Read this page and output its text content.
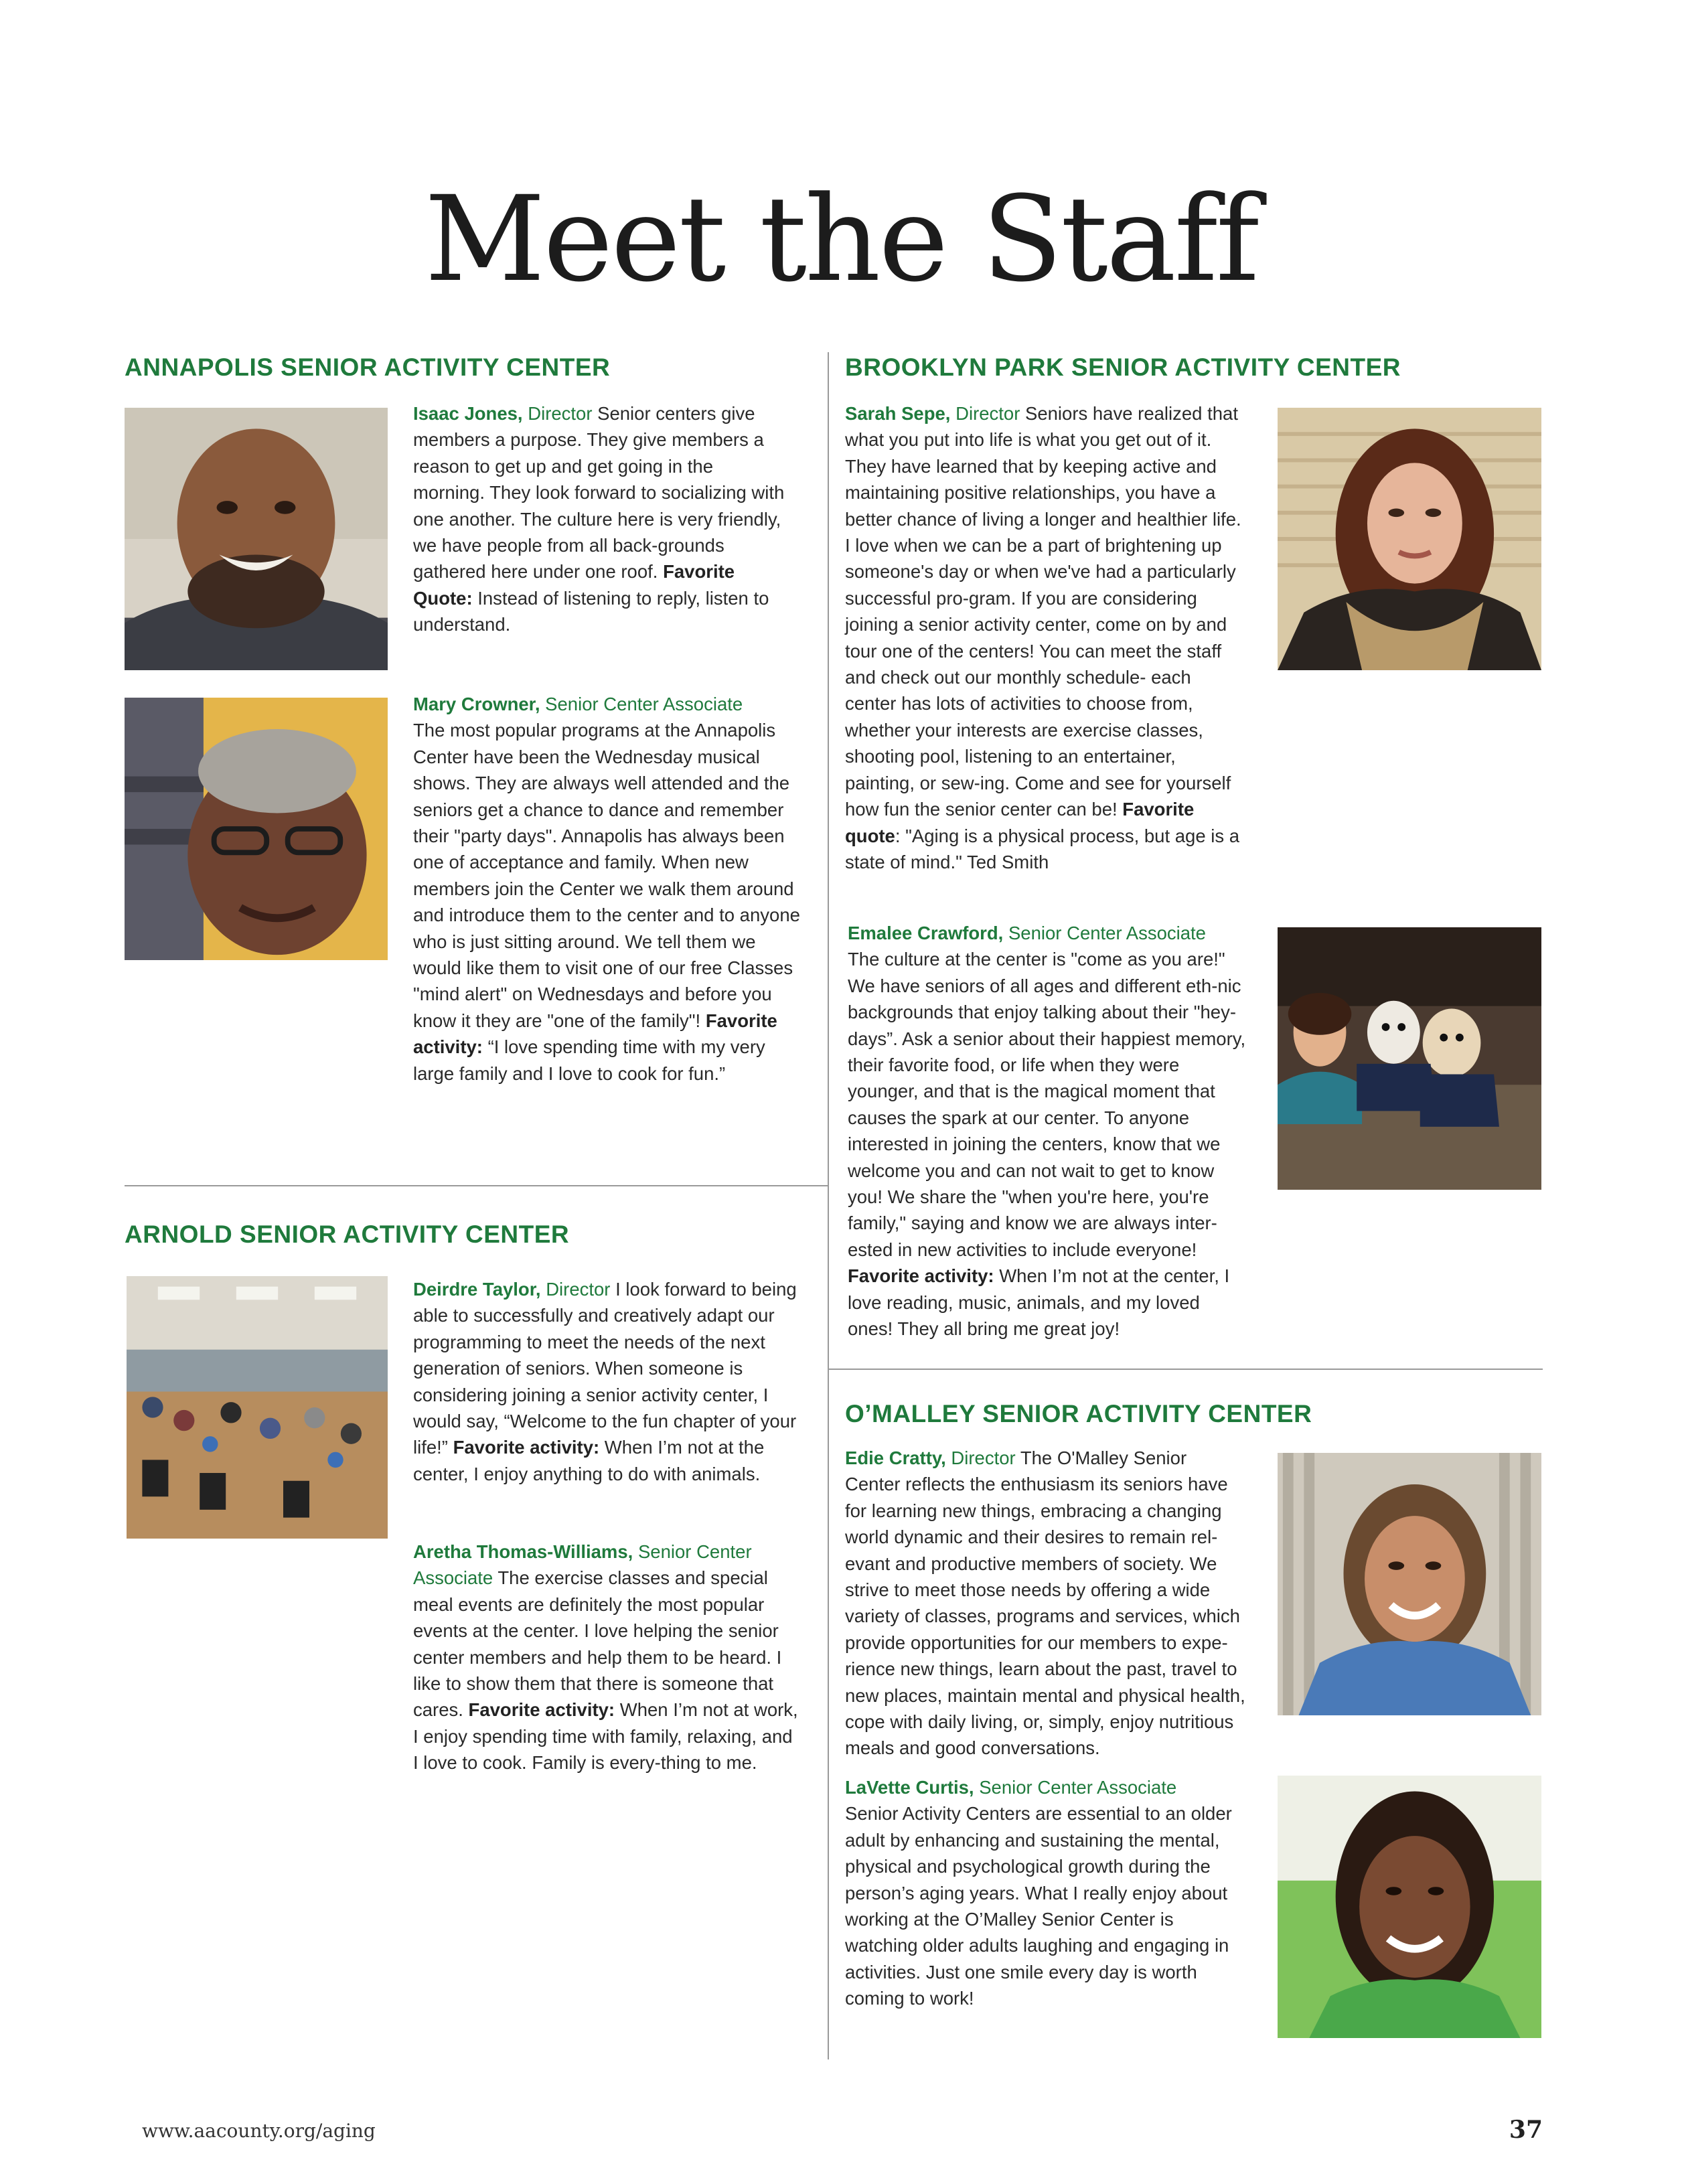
Meet the Staff
ANNAPOLIS SENIOR ACTIVITY CENTER

Isaac Jones, Director Senior centers give members a purpose. They give members a reason to get up and get going in the morning. They look forward to socializing with one another. The culture here is very friendly, we have people from all back-grounds gathered here under one roof. Favorite Quote: Instead of listening to reply, listen to understand.

Mary Crowner, Senior Center Associate
The most popular programs at the Annapolis Center have been the Wednesday musical shows. They are always well attended and the seniors get a chance to dance and remember their "party days". Annapolis has always been one of acceptance and family. When new members join the Center we walk them around and introduce them to the center and to anyone who is just sitting around. We tell them we would like them to visit one of our free Classes "mind alert" on Wednesdays and before you know it they are "one of the family"! Favorite activity: “I love spending time with my very large family and I love to cook for fun.”

ARNOLD SENIOR ACTIVITY CENTER

Deirdre Taylor, Director I look forward to being able to successfully and creatively adapt our programming to meet the needs of the next generation of seniors. When someone is considering joining a senior activity center, I would say, “Welcome to the fun chapter of your life!” Favorite activity: When I’m not at the center, I enjoy anything to do with animals.

Aretha Thomas-Williams, Senior Center Associate The exercise classes and special meal events are definitely the most popular events at the center. I love helping the senior center members and help them to be heard. I like to show them that there is someone that cares. Favorite activity: When I’m not at work, I enjoy spending time with family, relaxing, and I love to cook. Family is every-thing to me.

BROOKLYN PARK SENIOR ACTIVITY CENTER

Sarah Sepe, Director Seniors have realized that what you put into life is what you get out of it. They have learned that by keeping active and maintaining positive relationships, you have a better chance of living a longer and healthier life. I love when we can be a part of brightening up someone's day or when we've had a particularly successful pro-gram. If you are considering joining a senior activity center, come on by and tour one of the centers! You can meet the staff and check out our monthly schedule- each center has lots of activities to choose from, whether your interests are exercise classes, shooting pool, listening to an entertainer, painting, or sew-ing. Come and see for yourself how fun the senior center can be! Favorite quote: "Aging is a physical process, but age is a state of mind." Ted Smith

Emalee Crawford, Senior Center Associate
The culture at the center is "come as you are!" We have seniors of all ages and different eth-nic backgrounds that enjoy talking about their "hey-days”. Ask a senior about their happiest memory, their favorite food, or life when they were younger, and that is the magical moment that causes the spark at our center. To anyone interested in joining the centers, know that we welcome you and can not wait to get to know you! We share the "when you're here, you're family," saying and know we are always inter-ested in new activities to include everyone! Favorite activity: When I’m not at the center, I love reading, music, animals, and my loved ones! They all bring me great joy!

O’MALLEY SENIOR ACTIVITY CENTER

Edie Cratty, Director The O'Malley Senior Center reflects the enthusiasm its seniors have for learning new things, embracing a changing world dynamic and their desires to remain rel-evant and productive members of society. We strive to meet those needs by offering a wide variety of classes, programs and services, which provide opportunities for our members to expe-rience new things, learn about the past, travel to new places, maintain mental and physical health, cope with daily living, or, simply, enjoy nutritious meals and good conversations.

LaVette Curtis, Senior Center Associate
Senior Activity Centers are essential to an older adult by enhancing and sustaining the mental, physical and psychological growth during the person’s aging years. What I really enjoy about working at the O’Malley Senior Center is watching older adults laughing and engaging in activities. Just one smile every day is worth coming to work!

www.aacounty.org/aging	37
